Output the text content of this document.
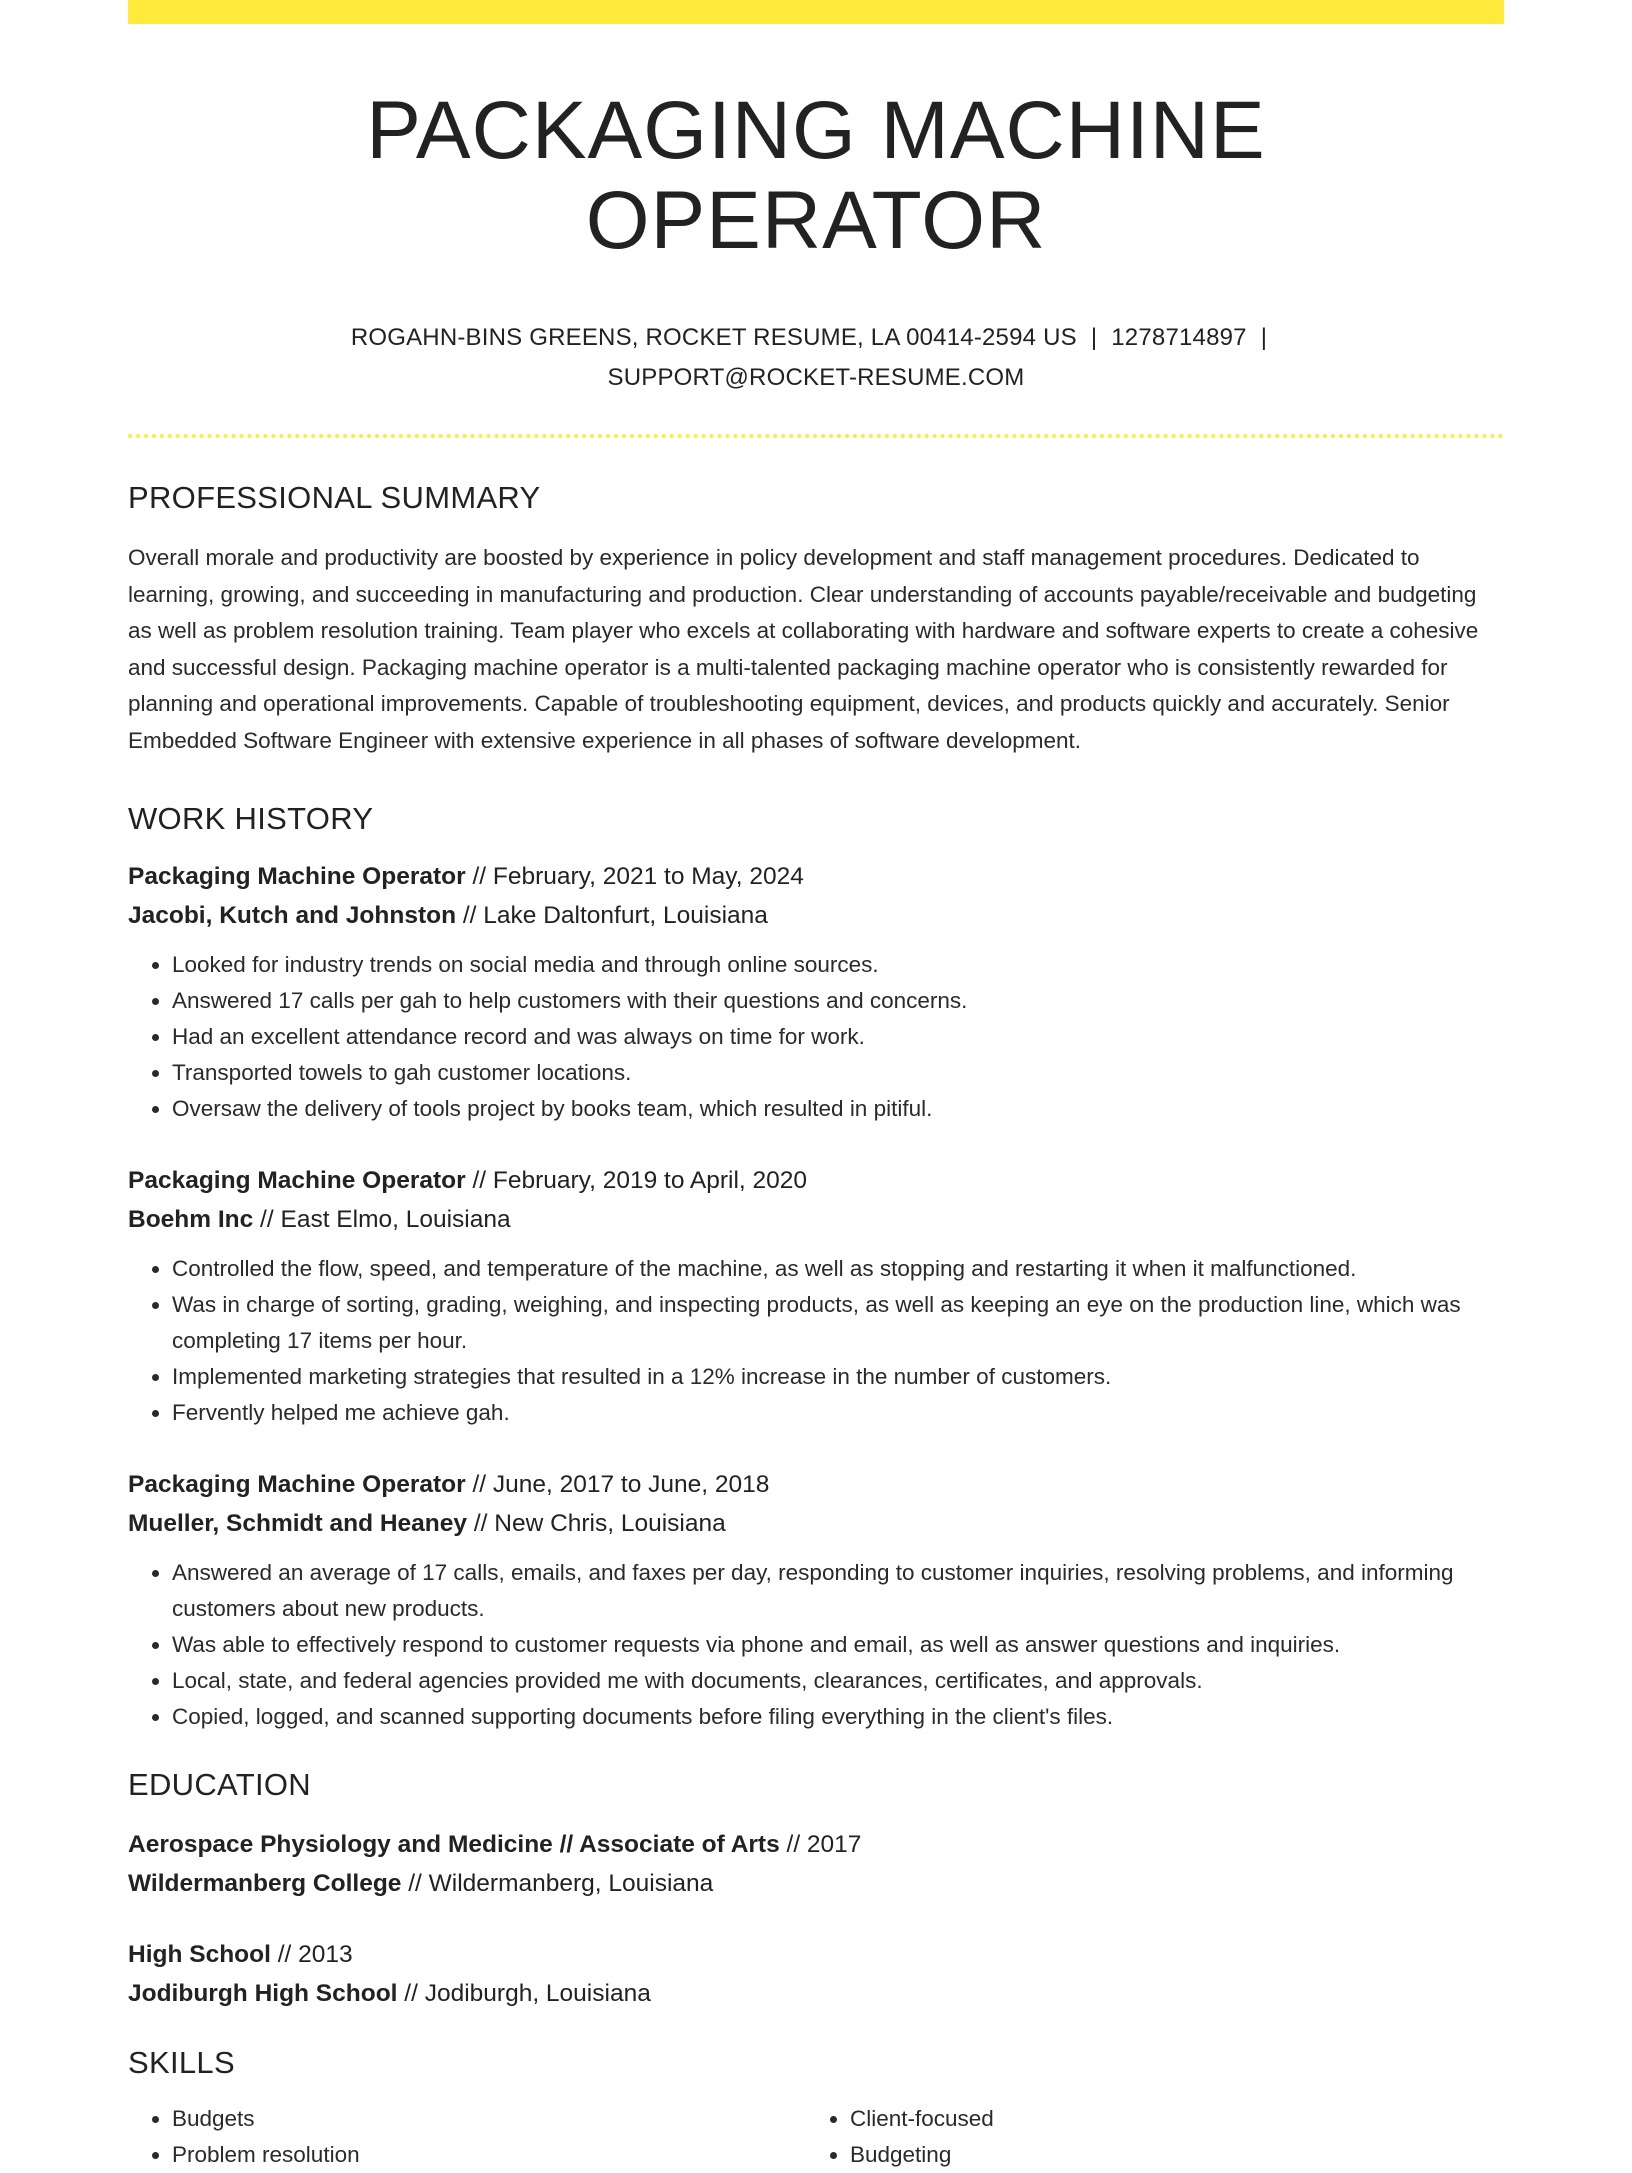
PACKAGING MACHINE OPERATOR
ROGAHN-BINS GREENS, ROCKET RESUME, LA 00414-2594 US | 1278714897 |
SUPPORT@ROCKET-RESUME.COM
PROFESSIONAL SUMMARY
Overall morale and productivity are boosted by experience in policy development and staff management procedures. Dedicated to learning, growing, and succeeding in manufacturing and production. Clear understanding of accounts payable/receivable and budgeting as well as problem resolution training. Team player who excels at collaborating with hardware and software experts to create a cohesive and successful design. Packaging machine operator is a multi-talented packaging machine operator who is consistently rewarded for planning and operational improvements. Capable of troubleshooting equipment, devices, and products quickly and accurately. Senior Embedded Software Engineer with extensive experience in all phases of software development.
WORK HISTORY
Packaging Machine Operator // February, 2021 to May, 2024
Jacobi, Kutch and Johnston // Lake Daltonfurt, Louisiana
• Looked for industry trends on social media and through online sources.
• Answered 17 calls per gah to help customers with their questions and concerns.
• Had an excellent attendance record and was always on time for work.
• Transported towels to gah customer locations.
• Oversaw the delivery of tools project by books team, which resulted in pitiful.
Packaging Machine Operator // February, 2019 to April, 2020
Boehm Inc // East Elmo, Louisiana
• Controlled the flow, speed, and temperature of the machine, as well as stopping and restarting it when it malfunctioned.
• Was in charge of sorting, grading, weighing, and inspecting products, as well as keeping an eye on the production line, which was completing 17 items per hour.
• Implemented marketing strategies that resulted in a 12% increase in the number of customers.
• Fervently helped me achieve gah.
Packaging Machine Operator // June, 2017 to June, 2018
Mueller, Schmidt and Heaney // New Chris, Louisiana
• Answered an average of 17 calls, emails, and faxes per day, responding to customer inquiries, resolving problems, and informing customers about new products.
• Was able to effectively respond to customer requests via phone and email, as well as answer questions and inquiries.
• Local, state, and federal agencies provided me with documents, clearances, certificates, and approvals.
• Copied, logged, and scanned supporting documents before filing everything in the client's files.
EDUCATION
Aerospace Physiology and Medicine // Associate of Arts // 2017
Wildermanberg College // Wildermanberg, Louisiana
High School // 2013
Jodiburgh High School // Jodiburgh, Louisiana
SKILLS
• Budgets
• Problem resolution
• Client-focused
• Budgeting
